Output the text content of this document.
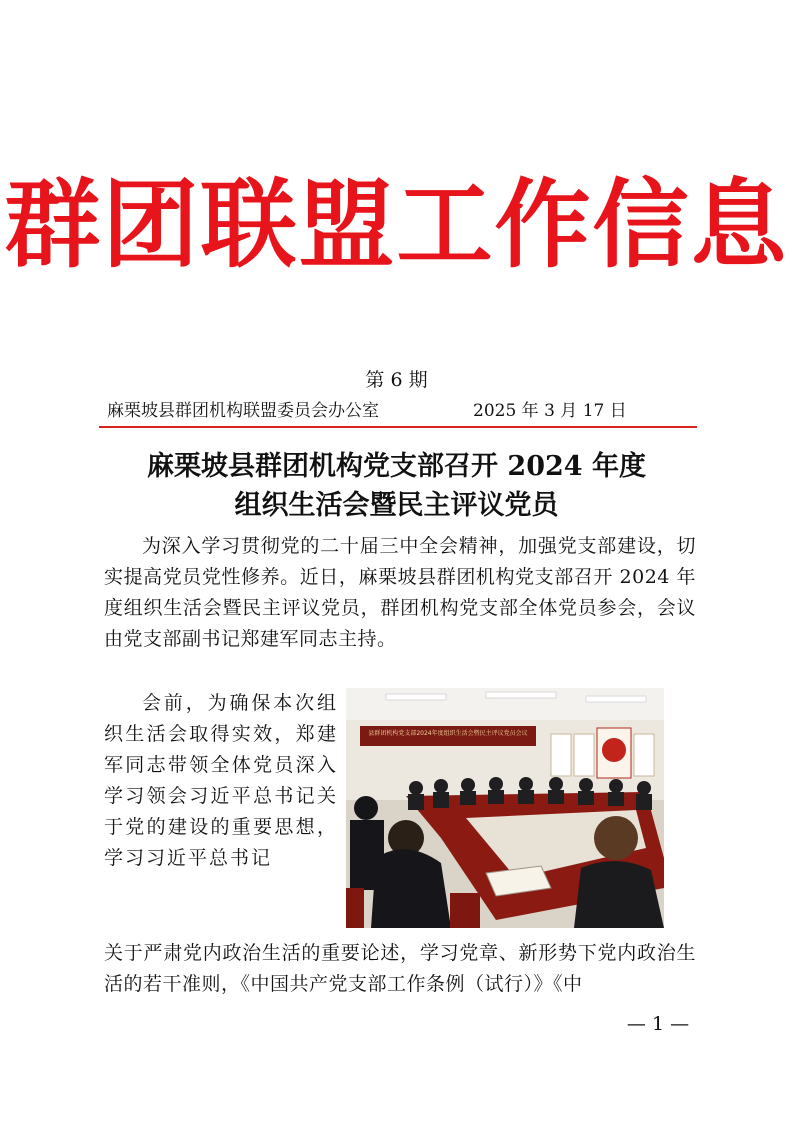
群团联盟工作信息
第 6 期
麻栗坡县群团机构联盟委员会办公室	2025 年 3 月 17 日
麻栗坡县群团机构党支部召开 2024 年度
组织生活会暨民主评议党员
为深入学习贯彻党的二十届三中全会精神，加强党支部建设，切实提高党员党性修养。近日，麻栗坡县群团机构党支部召开 2024 年度组织生活会暨民主评议党员，群团机构党支部全体党员参会，会议由党支部副书记郑建军同志主持。
会前，为确保本次组织生活会取得实效，郑建军同志带领全体党员深入学习领会习近平总书记关于党的建设的重要思想，学习习近平总书记
县群团机构党支部2024年度组织生活会暨民主评议党员会议
关于严肃党内政治生活的重要论述，学习党章、新形势下党内政治生活的若干准则，《中国共产党支部工作条例（试行）》《中
— 1 —
